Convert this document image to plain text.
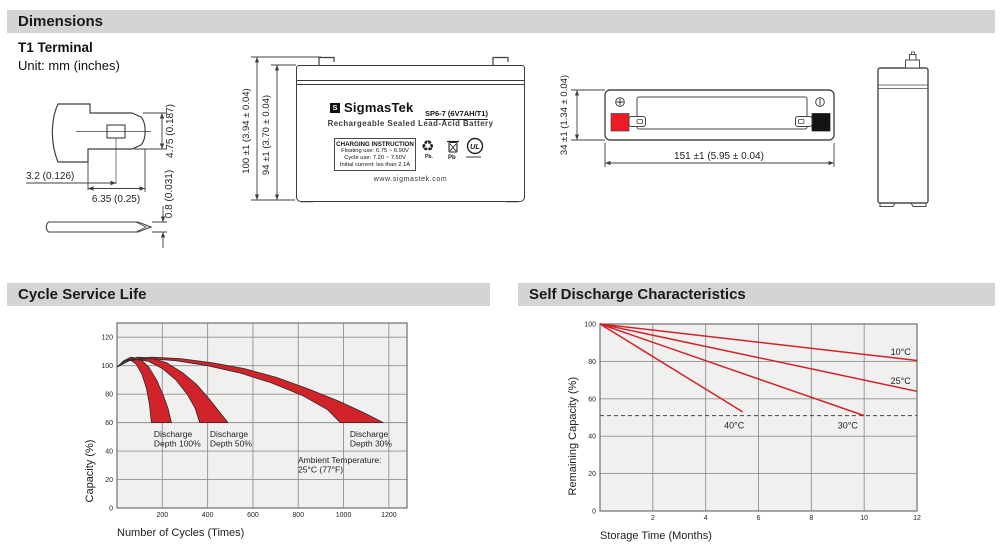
Dimensions
T1 Terminal
Unit: mm (inches)
4.75 (0.187)
3.2 (0.126)
6.35 (0.25) 0.8 (0.031)
100 ±1 (3.94 ± 0.04) 94 ±1 (3.70 ± 0.04)	S SigmasTek SP6-7 (6V7AH/T1)
Rechargeable Sealed Lead-Acid Battery
CHARGING INSTRUCTION
Floating use: 6.75 ~ 6.90V
Cycle use: 7.20 ~ 7.50V
Initial current: les than 2.1A
♻
Pb.	Pb
UL
www.sigmastek.com
34 ±1 (1.34 ± 0.04)
151 ±1 (5.95 ± 0.04)
Cycle Service Life	Self Discharge Characteristics
Discharge
Depth 100%
Discharge
Depth 50%
Discharge
Depth 30%
Ambient Temperature:
25°C (77°F)
200	400	600	800	1000	1200
0
20
40
60
80
100
120
Number of Cycles (Times)
Capacity (%)
10°C
25°C
30°C
40°C
2	4	6	8	10	12
0
20
40
60
80
100
Storage Time (Months)
Remaining Capacity (%)
